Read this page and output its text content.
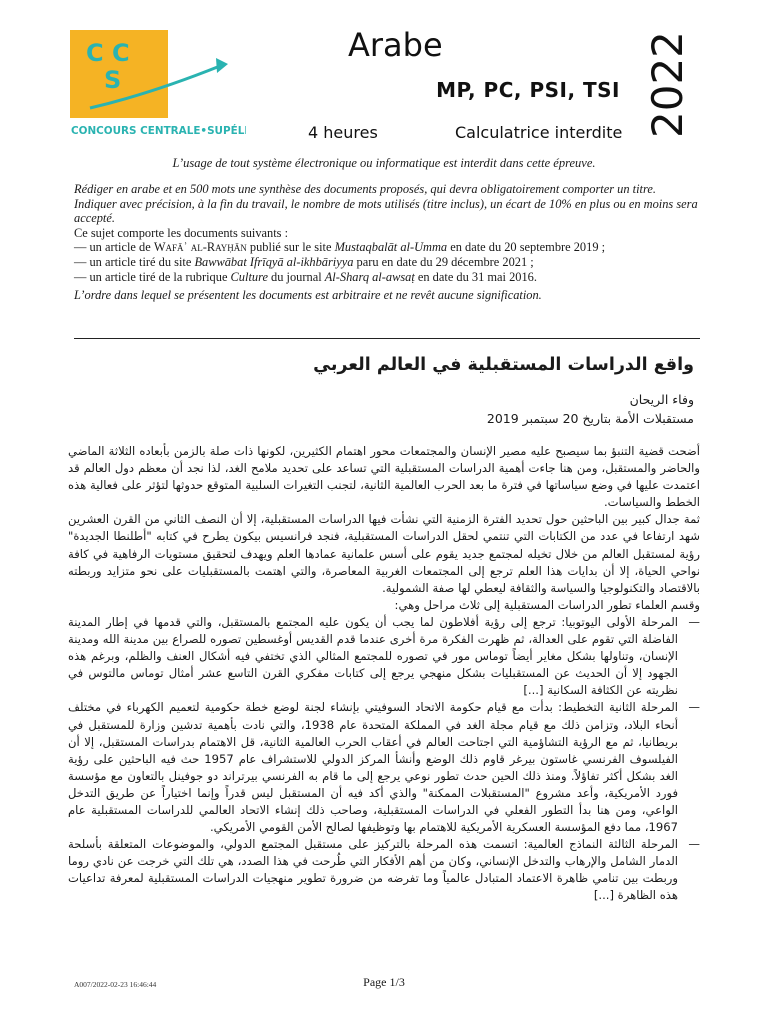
C C
S
CONCOURS CENTRALE•SUPÉLEC
Arabe
MP, PC, PSI, TSI
4 heures	Calculatrice interdite 2022
L’usage de tout système électronique ou informatique est interdit dans cette épreuve.

Rédiger en arabe et en 500 mots une synthèse des documents proposés, qui devra obligatoirement comporter un titre. Indiquer avec précision, à la fin du travail, le nombre de mots utilisés (titre inclus), un écart de 10% en plus ou en moins sera accepté.

Ce sujet comporte les documents suivants :

— un article de Wafāʾ al-Rayḥān publié sur le site Mustaqbalāt al-Umma en date du 20 septembre 2019 ;

— un article tiré du site Bawwābat Ifrīqyā al-ikhbāriyya paru en date du 29 décembre 2021 ;

— un article tiré de la rubrique Culture du journal Al-Sharq al-awsaṭ en date du 31 mai 2016.

L’ordre dans lequel se présentent les documents est arbitraire et ne revêt aucune signification.

واقع الدراسات المستقبلية في العالم العربي
وفاء الريحان
مستقبلات الأمة بتاريخ 20 سبتمبر 2019

أضحت قضية التنبؤ بما سيصبح عليه مصير الإنسان والمجتمعات محور اهتمام الكثيرين، لكونها ذات صلة بالزمن بأبعاده الثلاثة الماضي والحاضر والمستقبل، ومن هنا جاءت أهمية الدراسات المستقبلية التي تساعد على تحديد ملامح الغد، لذا نجد أن معظم دول العالم قد اعتمدت عليها في وضع سياساتها في فترة ما بعد الحرب العالمية الثانية، لتجنب التغيرات السلبية المتوقع حدوثها لتؤثر على فعالية هذه الخطط والسياسات.

ثمة جدال كبير بين الباحثين حول تحديد الفترة الزمنية التي نشأت فيها الدراسات المستقبلية، إلا أن النصف الثاني من القرن العشرين شهد ارتفاعا في عدد من الكتابات التي تنتمي لحقل الدراسات المستقبلية، فنجد فرانسيس بيكون يطرح في كتابه "أطلنطا الجديدة" رؤية لمستقبل العالم من خلال تخيله لمجتمع جديد يقوم على أسس علمانية عمادها العلم ويهدف لتحقيق مستويات الرفاهية في كافة نواحي الحياة، إلا أن بدايات هذا العلم ترجع إلى المجتمعات الغربية المعاصرة، والتي اهتمت بالمستقبليات على نحو متزايد وربطته بالاقتصاد والتكنولوجيا والسياسة والثقافة ليعطي لها صفة الشمولية.

وقسم العلماء تطور الدراسات المستقبلية إلى ثلاث مراحل وهي:

— المرحلة الأولى اليوتوبيا: ترجع إلى رؤية أفلاطون لما يجب أن يكون عليه المجتمع بالمستقبل، والتي قدمها في إطار المدينة الفاضلة التي تقوم على العدالة، ثم ظهرت الفكرة مرة أخرى عندما قدم القديس أوغسطين تصوره للصراع بين مدينة الله ومدينة الإنسان، وتناولها بشكل مغاير أيضاً توماس مور في تصوره للمجتمع المثالي الذي تختفي فيه أشكال العنف والظلم، وبرغم هذه الجهود إلا أن الحديث عن المستقبليات بشكل منهجي يرجع إلى كتابات مفكري القرن التاسع عشر أمثال توماس مالتوس في نظريته عن الكثافة السكانية [...]

— المرحلة الثانية التخطيط: بدأت مع قيام حكومة الاتحاد السوفيتي بإنشاء لجنة لوضع خطة حكومية لتعميم الكهرباء في مختلف أنحاء البلاد، وتزامن ذلك مع قيام مجلة الغد في المملكة المتحدة عام 1938، والتي نادت بأهمية تدشين وزارة للمستقبل في بريطانيا، ثم مع الرؤية التشاؤمية التي اجتاحت العالم في أعقاب الحرب العالمية الثانية، قل الاهتمام بدراسات المستقبل، إلا أن الفيلسوف الفرنسي غاستون بيرغر قاوم ذلك الوضع وأنشأ المركز الدولي للاستشراف عام 1957 حث فيه الباحثين على رؤية الغد بشكل أكثر تفاؤلاً. ومنذ ذلك الحين حدث تطور نوعي يرجع إلى ما قام به الفرنسي بيرتراند دو جوفينل بالتعاون مع مؤسسة فورد الأمريكية، وأعد مشروع "المستقبلات الممكنة" والذي أكد فيه أن المستقبل ليس قدراً وإنما اختياراً عن طريق التدخل الواعي، ومن هنا بدأ التطور الفعلي في الدراسات المستقبلية، وصاحب ذلك إنشاء الاتحاد العالمي للدراسات المستقبلية عام 1967، مما دفع المؤسسة العسكرية الأمريكية للاهتمام بها وتوظيفها لصالح الأمن القومي الأمريكي.

— المرحلة الثالثة النماذج العالمية: اتسمت هذه المرحلة بالتركيز على مستقبل المجتمع الدولي، والموضوعات المتعلقة بأسلحة الدمار الشامل والإرهاب والتدخل الإنساني، وكان من أهم الأفكار التي طُرحت في هذا الصدد، هي تلك التي خرجت عن نادي روما وربطت بين تنامي ظاهرة الاعتماد المتبادل عالمياً وما تفرضه من ضرورة تطوير منهجيات الدراسات المستقبلية لمعرفة تداعيات هذه الظاهرة [...]

A007/2022-02-23 16:46:44	Page 1/3
